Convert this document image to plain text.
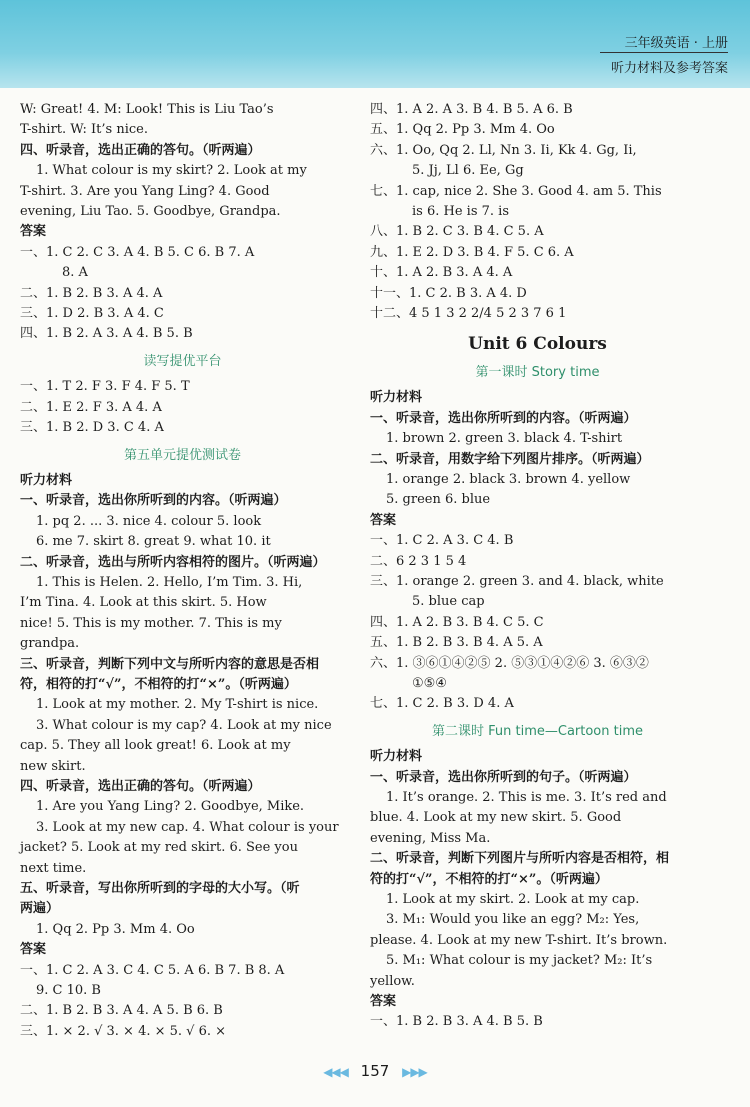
三年级英语 · 上册
听力材料及参考答案
W: Great! 4. M: Look! This is Liu Tao’s
T-shirt. W: It’s nice.
四、听录音，选出正确的答句。（听两遍）
1. What colour is my skirt? 2. Look at my
T-shirt. 3. Are you Yang Ling? 4. Good
evening, Liu Tao. 5. Goodbye, Grandpa.
答案
一、1. C 2. C 3. A 4. B 5. C 6. B 7. A
8. A
二、1. B 2. B 3. A 4. A
三、1. D 2. B 3. A 4. C
四、1. B 2. A 3. A 4. B 5. B
读写提优平台
一、1. T 2. F 3. F 4. F 5. T
二、1. E 2. F 3. A 4. A
三、1. B 2. D 3. C 4. A
第五单元提优测试卷
听力材料
一、听录音，选出你所听到的内容。（听两遍）
1. pq 2. ... 3. nice 4. colour 5. look
6. me 7. skirt 8. great 9. what 10. it
二、听录音，选出与所听内容相符的图片。（听两遍）
1. This is Helen. 2. Hello, I’m Tim. 3. Hi,
I’m Tina. 4. Look at this skirt. 5. How
nice! 5. This is my mother. 7. This is my
grandpa.
三、听录音，判断下列中文与所听内容的意思是否相
符，相符的打“√”，不相符的打“×”。（听两遍）
1. Look at my mother. 2. My T-shirt is nice.
3. What colour is my cap? 4. Look at my nice
cap. 5. They all look great! 6. Look at my
new skirt.
四、听录音，选出正确的答句。（听两遍）
1. Are you Yang Ling? 2. Goodbye, Mike.
3. Look at my new cap. 4. What colour is your
jacket? 5. Look at my red skirt. 6. See you
next time.
五、听录音，写出你所听到的字母的大小写。（听
两遍）
1. Qq 2. Pp 3. Mm 4. Oo
答案
一、1. C 2. A 3. C 4. C 5. A 6. B 7. B 8. A
9. C 10. B
二、1. B 2. B 3. A 4. A 5. B 6. B
三、1. × 2. √ 3. × 4. × 5. √ 6. ×
四、1. A 2. A 3. B 4. B 5. A 6. B
五、1. Qq 2. Pp 3. Mm 4. Oo
六、1. Oo, Qq 2. Ll, Nn 3. Ii, Kk 4. Gg, Ii,
5. Jj, Ll 6. Ee, Gg
七、1. cap, nice 2. She 3. Good 4. am 5. This
is 6. He is 7. is
八、1. B 2. C 3. B 4. C 5. A
九、1. E 2. D 3. B 4. F 5. C 6. A
十、1. A 2. B 3. A 4. A
十一、1. C 2. B 3. A 4. D
十二、4 5 1 3 2 2/4 5 2 3 7 6 1
Unit 6 Colours
第一课时 Story time
听力材料
一、听录音，选出你所听到的内容。（听两遍）
1. brown 2. green 3. black 4. T-shirt
二、听录音，用数字给下列图片排序。（听两遍）
1. orange 2. black 3. brown 4. yellow
5. green 6. blue
答案
一、1. C 2. A 3. C 4. B
二、6 2 3 1 5 4
三、1. orange 2. green 3. and 4. black, white
5. blue cap
四、1. A 2. B 3. B 4. C 5. C
五、1. B 2. B 3. B 4. A 5. A
六、1. ③⑥①④②⑤ 2. ⑤③①④②⑥ 3. ⑥③②
①⑤④
七、1. C 2. B 3. D 4. A
第二课时 Fun time—Cartoon time
听力材料
一、听录音，选出你所听到的句子。（听两遍）
1. It’s orange. 2. This is me. 3. It’s red and
blue. 4. Look at my new skirt. 5. Good
evening, Miss Ma.
二、听录音，判断下列图片与所听内容是否相符，相
符的打“√”，不相符的打“×”。（听两遍）
1. Look at my skirt. 2. Look at my cap.
3. M₁: Would you like an egg? M₂: Yes,
please. 4. Look at my new T-shirt. It’s brown.
5. M₁: What colour is my jacket? M₂: It’s
yellow.
答案
一、1. B 2. B 3. A 4. B 5. B
◀◀◀ 157 ▶▶▶
